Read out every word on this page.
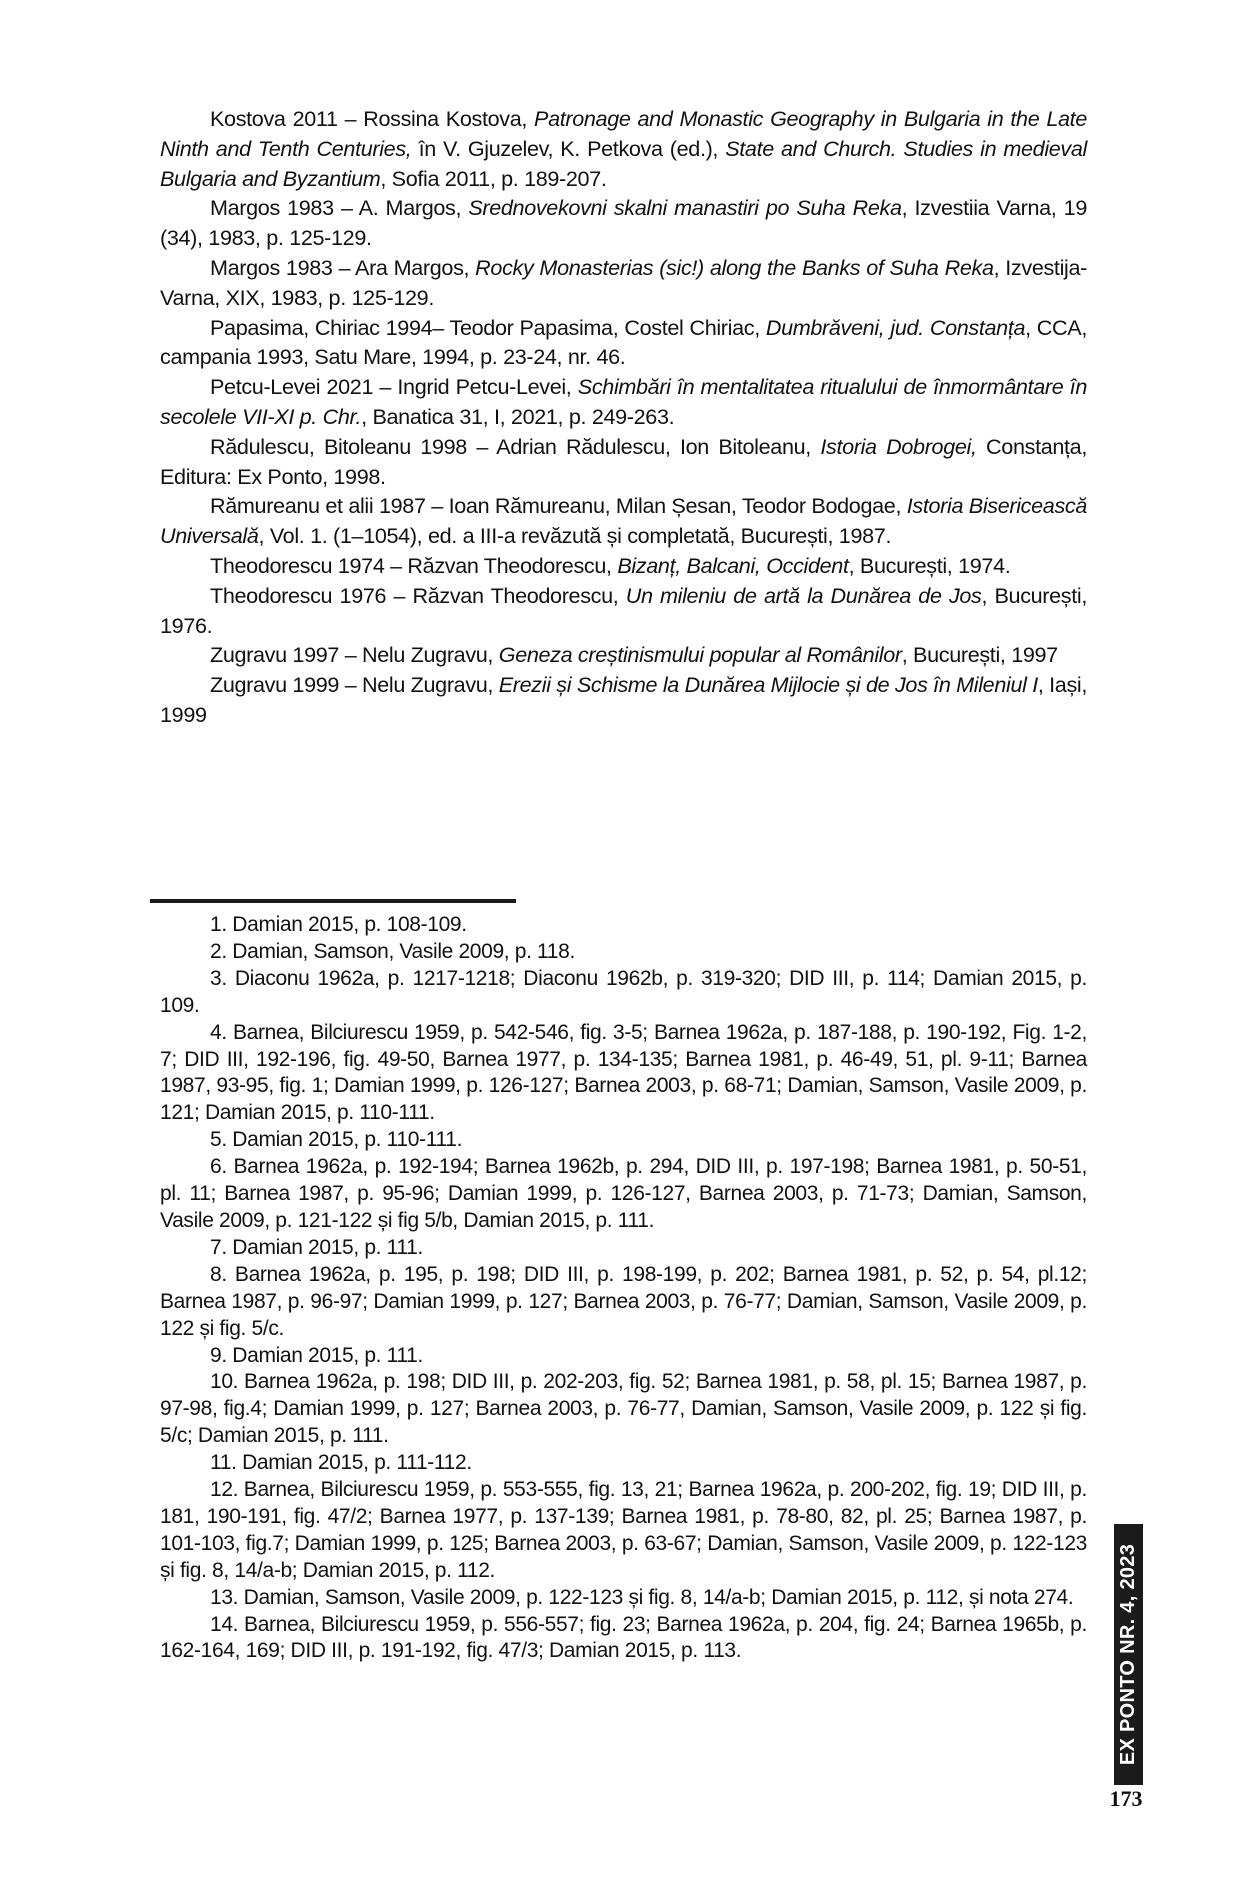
Kostova 2011 – Rossina Kostova, Patronage and Monastic Geography in Bulgaria in the Late Ninth and Tenth Centuries, în V. Gjuzelev, K. Petkova (ed.), State and Church. Studies in medieval Bulgaria and Byzantium, Sofia 2011, p. 189-207.

Margos 1983 – A. Margos, Srednovekovni skalni manastiri po Suha Reka, Izvestiia Varna, 19 (34), 1983, p. 125-129.

Margos 1983 – Ara Margos, Rocky Monasterias (sic!) along the Banks of Suha Reka, Izvestija-Varna, XIX, 1983, p. 125-129.

Papasima, Chiriac 1994– Teodor Papasima, Costel Chiriac, Dumbrăveni, jud. Constanța, CCA, campania 1993, Satu Mare, 1994, p. 23-24, nr. 46.

Petcu-Levei 2021 – Ingrid Petcu-Levei, Schimbări în mentalitatea ritualului de înmormântare în secolele VII-XI p. Chr., Banatica 31, I, 2021, p. 249-263.

Rădulescu, Bitoleanu 1998 – Adrian Rădulescu, Ion Bitoleanu, Istoria Dobrogei, Constanța, Editura: Ex Ponto, 1998.

Rămureanu et alii 1987 – Ioan Rămureanu, Milan Șesan, Teodor Bodogae, Istoria Bisericească Universală, Vol. 1. (1–1054), ed. a III-a revăzută și completată, București, 1987.

Theodorescu 1974 – Răzvan Theodorescu, Bizanț, Balcani, Occident, București, 1974.

Theodorescu 1976 – Răzvan Theodorescu, Un mileniu de artă la Dunărea de Jos, București, 1976.

Zugravu 1997 – Nelu Zugravu, Geneza creștinismului popular al Românilor, București, 1997

Zugravu 1999 – Nelu Zugravu, Erezii și Schisme la Dunărea Mijlocie și de Jos în Mileniul I, Iași, 1999

1. Damian 2015, p. 108-109.

2. Damian, Samson, Vasile 2009, p. 118.

3. Diaconu 1962a, p. 1217-1218; Diaconu 1962b, p. 319-320; DID III, p. 114; Damian 2015, p. 109.

4. Barnea, Bilciurescu 1959, p. 542-546, fig. 3-5; Barnea 1962a, p. 187-188, p. 190-192, Fig. 1-2, 7; DID III, 192-196, fig. 49-50, Barnea 1977, p. 134-135; Barnea 1981, p. 46-49, 51, pl. 9-11; Barnea 1987, 93-95, fig. 1; Damian 1999, p. 126-127; Barnea 2003, p. 68-71; Damian, Samson, Vasile 2009, p. 121; Damian 2015, p. 110-111.

5. Damian 2015, p. 110-111.

6. Barnea 1962a, p. 192-194; Barnea 1962b, p. 294, DID III, p. 197-198; Barnea 1981, p. 50-51, pl. 11; Barnea 1987, p. 95-96; Damian 1999, p. 126-127, Barnea 2003, p. 71-73; Damian, Samson, Vasile 2009, p. 121-122 și fig 5/b, Damian 2015, p. 111.

7. Damian 2015, p. 111.

8. Barnea 1962a, p. 195, p. 198; DID III, p. 198-199, p. 202; Barnea 1981, p. 52, p. 54, pl.12; Barnea 1987, p. 96-97; Damian 1999, p. 127; Barnea 2003, p. 76-77; Damian, Samson, Vasile 2009, p. 122 și fig. 5/c.

9. Damian 2015, p. 111.

10. Barnea 1962a, p. 198; DID III, p. 202-203, fig. 52; Barnea 1981, p. 58, pl. 15; Barnea 1987, p. 97-98, fig.4; Damian 1999, p. 127; Barnea 2003, p. 76-77, Damian, Samson, Vasile 2009, p. 122 și fig. 5/c; Damian 2015, p. 111.

11. Damian 2015, p. 111-112.

12. Barnea, Bilciurescu 1959, p. 553-555, fig. 13, 21; Barnea 1962a, p. 200-202, fig. 19; DID III, p. 181, 190-191, fig. 47/2; Barnea 1977, p. 137-139; Barnea 1981, p. 78-80, 82, pl. 25; Barnea 1987, p. 101-103, fig.7; Damian 1999, p. 125; Barnea 2003, p. 63-67; Damian, Samson, Vasile 2009, p. 122-123 și fig. 8, 14/a-b; Damian 2015, p. 112.

13. Damian, Samson, Vasile 2009, p. 122-123 și fig. 8, 14/a-b; Damian 2015, p. 112, și nota 274.

14. Barnea, Bilciurescu 1959, p. 556-557; fig. 23; Barnea 1962a, p. 204, fig. 24; Barnea 1965b, p. 162-164, 169; DID III, p. 191-192, fig. 47/3; Damian 2015, p. 113.	EX PONTO NR. 4, 2023
173
